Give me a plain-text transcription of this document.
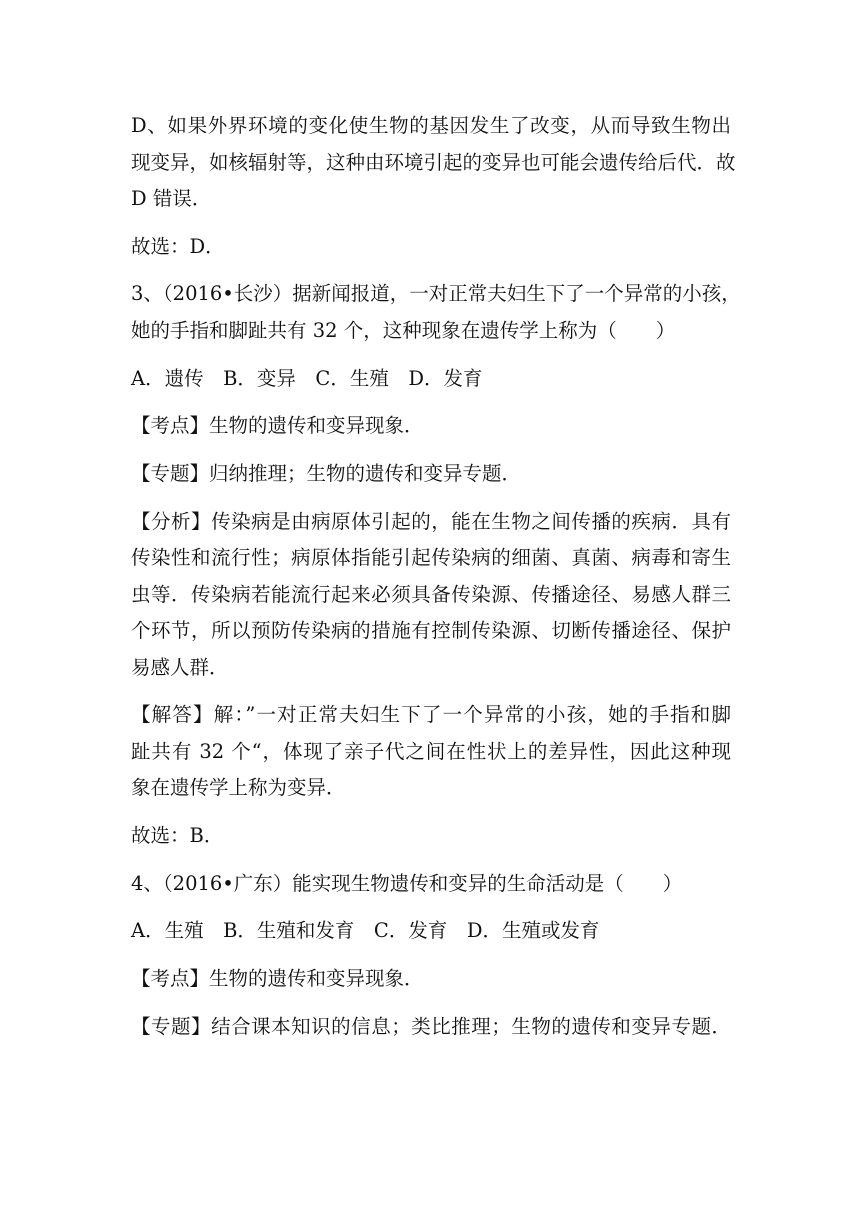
D、如果外界环境的变化使生物的基因发生了改变，从而导致生物出
现变异，如核辐射等，这种由环境引起的变异也可能会遗传给后代．故
D 错误．
故选：D．
3、（2016•长沙）据新闻报道，一对正常夫妇生下了一个异常的小孩，
她的手指和脚趾共有 32 个，这种现象在遗传学上称为（　　）
A．遗传　B．变异　C．生殖　D．发育
【考点】生物的遗传和变异现象．
【专题】归纳推理；生物的遗传和变异专题．
【分析】传染病是由病原体引起的，能在生物之间传播的疾病．具有
传染性和流行性；病原体指能引起传染病的细菌、真菌、病毒和寄生
虫等．传染病若能流行起来必须具备传染源、传播途径、易感人群三
个环节，所以预防传染病的措施有控制传染源、切断传播途径、保护
易感人群．
【解答】解：”一对正常夫妇生下了一个异常的小孩，她的手指和脚
趾共有 32 个“，体现了亲子代之间在性状上的差异性，因此这种现
象在遗传学上称为变异．
故选：B．
4、（2016•广东）能实现生物遗传和变异的生命活动是（　　）
A．生殖　B．生殖和发育　C．发育　D．生殖或发育
【考点】生物的遗传和变异现象．
【专题】结合课本知识的信息；类比推理；生物的遗传和变异专题．
